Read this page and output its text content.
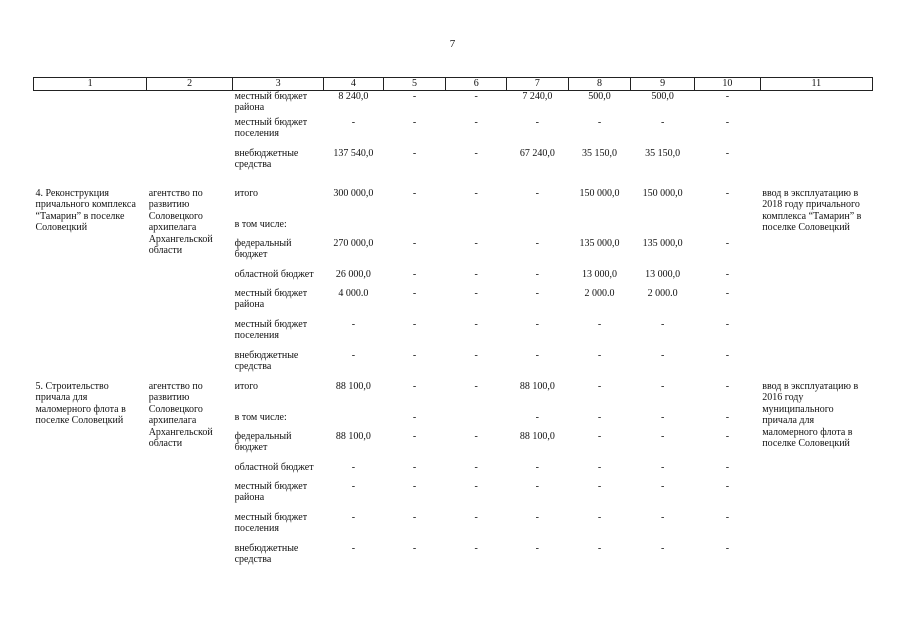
7
1	2	3	4	5	6	7	8	9	10	11
		местный бюджет района	8 240,0	-	-	7 240,0	500,0	500,0	-	
		местный бюджет поселения	-	-	-	-	-	-	-	
		внебюджетные средства	137 540,0	-	-	67 240,0	35 150,0	35 150,0	-	

4. Реконструкция причального комплекса “Тамарин” в поселке Соловецкий	агентство по развитию Соловецкого архипелага Архангельской области	итого	300 000,0	-	-	-	150 000,0	150 000,0	-	ввод в эксплуатацию в 2018 году причального комплекса “Тамарин” в поселке Соловецкий
		в том числе:								
		федеральный бюджет	270 000,0	-	-	-	135 000,0	135 000,0	-	
		областной бюджет	26 000,0	-	-	-	13 000,0	13 000,0	-	
		местный бюджет района	4 000.0	-	-	-	2 000.0	2 000.0	-	
		местный бюджет поселения	-	-	-	-	-	-	-	
		внебюджетные средства	-	-	-	-	-	-	-	
5. Строительство причала для маломерного флота в поселке Соловецкий	агентство по развитию Соловецкого архипелага Архангельской области	итого	88 100,0	-	-	88 100,0	-	-	-	ввод в эксплуатацию в 2016 году муниципального причала для маломерного флота в поселке Соловецкий
		в том числе:		-		-	-	-	-	
		федеральный бюджет	88 100,0	-	-	88 100,0	-	-	-	
		областной бюджет	-	-	-	-	-	-	-	
		местный бюджет района	-	-	-	-	-	-	-	
		местный бюджет поселения	-	-	-	-	-	-	-	
		внебюджетные средства	-	-	-	-	-	-	-	
